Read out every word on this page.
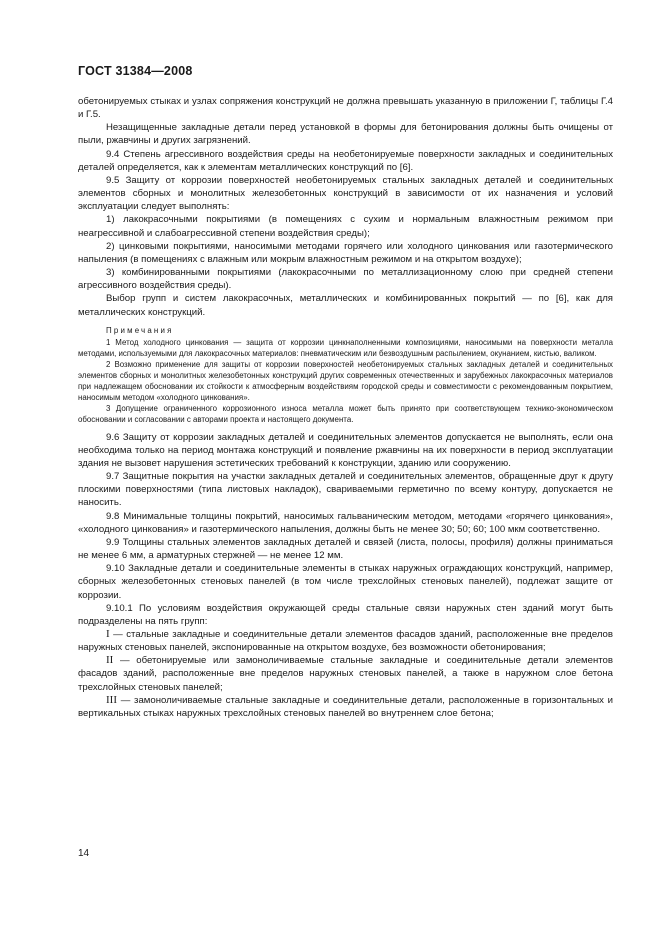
ГОСТ 31384—2008

обетонируемых стыках и узлах сопряжения конструкций не должна превышать указанную в приложении Г, таблицы Г.4 и Г.5.

Незащищенные закладные детали перед установкой в формы для бетонирования должны быть очищены от пыли, ржавчины и других загрязнений.

9.4 Степень агрессивного воздействия среды на необетонируемые поверхности закладных и соединительных деталей определяется, как к элементам металлических конструкций по [6].

9.5 Защиту от коррозии поверхностей необетонируемых стальных закладных деталей и соединительных элементов сборных и монолитных железобетонных конструкций в зависимости от их назначения и условий эксплуатации следует выполнять:

1) лакокрасочными покрытиями (в помещениях с сухим и нормальным влажностным режимом при неагрессивной и слабоагрессивной степени воздействия среды);

2) цинковыми покрытиями, наносимыми методами горячего или холодного цинкования или газотермического напыления (в помещениях с влажным или мокрым влажностным режимом и на открытом воздухе);

3) комбинированными покрытиями (лакокрасочными по металлизационному слою при средней степени агрессивного воздействия среды).

Выбор групп и систем лакокрасочных, металлических и комбинированных покрытий — по [6], как для металлических конструкций.

Примечания

1 Метод холодного цинкования — защита от коррозии цинкнаполненными композициями, наносимыми на поверхности металла методами, используемыми для лакокрасочных материалов: пневматическим или безвоздушным распылением, окунанием, кистью, валиком.

2 Возможно применение для защиты от коррозии поверхностей необетонируемых стальных закладных деталей и соединительных элементов сборных и монолитных железобетонных конструкций других современных отечественных и зарубежных лакокрасочных материалов при надлежащем обосновании их стойкости к атмосферным воздействиям городской среды и совместимости с рекомендованным покрытием, наносимым методом «холодного цинкования».

3 Допущение ограниченного коррозионного износа металла может быть принято при соответствующем технико-экономическом обосновании и согласовании с авторами проекта и настоящего документа.

9.6 Защиту от коррозии закладных деталей и соединительных элементов допускается не выполнять, если она необходима только на период монтажа конструкций и появление ржавчины на их поверхности в период эксплуатации здания не вызовет нарушения эстетических требований к конструкции, зданию или сооружению.

9.7 Защитные покрытия на участки закладных деталей и соединительных элементов, обращенные друг к другу плоскими поверхностями (типа листовых накладок), свариваемыми герметично по всему контуру, допускается не наносить.

9.8 Минимальные толщины покрытий, наносимых гальваническим методом, методами «горячего цинкования», «холодного цинкования» и газотермического напыления, должны быть не менее 30; 50; 60; 100 мкм соответственно.

9.9 Толщины стальных элементов закладных деталей и связей (листа, полосы, профиля) должны приниматься не менее 6 мм, а арматурных стержней — не менее 12 мм.

9.10 Закладные детали и соединительные элементы в стыках наружных ограждающих конструкций, например, сборных железобетонных стеновых панелей (в том числе трехслойных стеновых панелей), подлежат защите от коррозии.

9.10.1 По условиям воздействия окружающей среды стальные связи наружных стен зданий могут быть подразделены на пять групп:

I — стальные закладные и соединительные детали элементов фасадов зданий, расположенные вне пределов наружных стеновых панелей, экспонированные на открытом воздухе, без возможности обетонирования;

II — обетонируемые или замоноличиваемые стальные закладные и соединительные детали элементов фасадов зданий, расположенные вне пределов наружных стеновых панелей, а также в наружном слое бетона трехслойных стеновых панелей;

III — замоноличиваемые стальные закладные и соединительные детали, расположенные в горизонтальных и вертикальных стыках наружных трехслойных стеновых панелей во внутреннем слое бетона;

14
